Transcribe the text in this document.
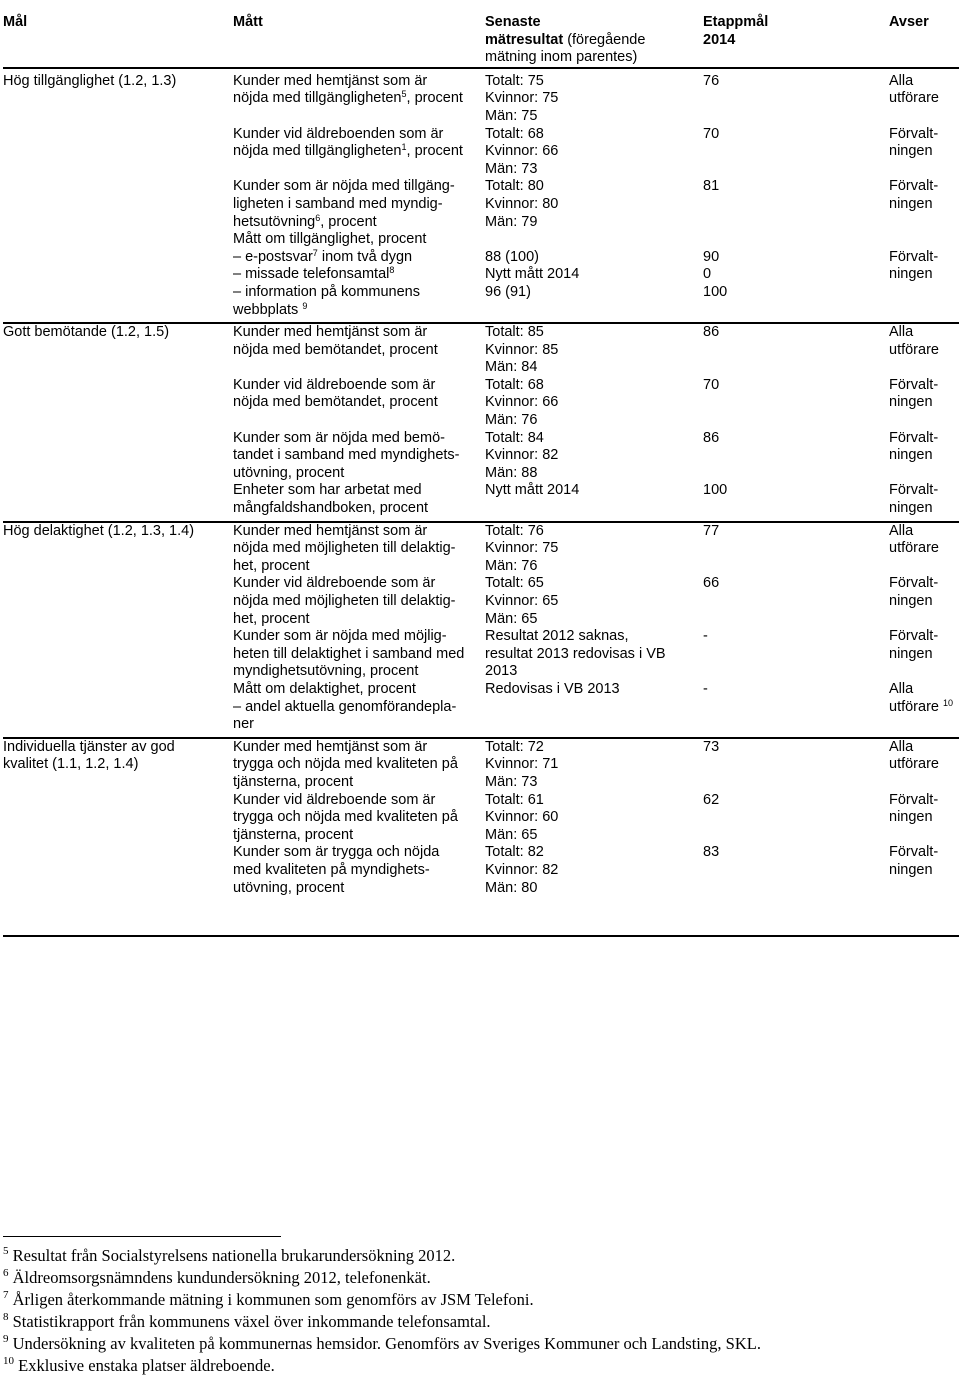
Mål	Mått	Senaste
mätresultat (föregående
mätning inom parentes)	Etappmål
2014	Avser

Hög tillgänglighet (1.2, 1.3)	Kunder med hemtjänst som är
nöjda med tillgängligheten$^5$, procent	Totalt: 75
Kvinnor: 75
Män: 75	76	Alla
utförare

	Kunder vid äldreboenden som är
nöjda med tillgängligheten$^1$, procent	Totalt: 68
Kvinnor: 66
Män: 73	70	Förvalt-
ningen

	Kunder som är nöjda med tillgäng-
ligheten i samband med myndig-
hetsutövning$^6$, procent	Totalt: 80
Kvinnor: 80
Män: 79	81	Förvalt-
ningen

	Mått om tillgänglighet, procent
– e-postsvar$^7$ inom två dygn
– missade telefonsamtal$^8$
– information på kommunens
webbplats $^9$	88 (100)
Nytt mått 2014
96 (91)	90
0
100	Förvalt-
ningen

Gott bemötande (1.2, 1.5)	Kunder med hemtjänst som är
nöjda med bemötandet, procent	Totalt: 85
Kvinnor: 85
Män: 84	86	Alla
utförare

	Kunder vid äldreboende som är
nöjda med bemötandet, procent	Totalt: 68
Kvinnor: 66
Män: 76	70	Förvalt-
ningen

	Kunder som är nöjda med bemö-
tandet i samband med myndighets-
utövning, procent	Totalt: 84
Kvinnor: 82
Män: 88	86	Förvalt-
ningen

	Enheter som har arbetat med
mångfaldshandboken, procent	Nytt mått 2014	100	Förvalt-
ningen

Hög delaktighet (1.2, 1.3, 1.4)	Kunder med hemtjänst som är
nöjda med möjligheten till delaktig-
het, procent	Totalt: 76
Kvinnor: 75
Män: 76	77	Alla
utförare

	Kunder vid äldreboende som är
nöjda med möjligheten till delaktig-
het, procent	Totalt: 65
Kvinnor: 65
Män: 65	66	Förvalt-
ningen

	Kunder som är nöjda med möjlig-
heten till delaktighet i samband med
myndighetsutövning, procent	Resultat 2012 saknas,
resultat 2013 redovisas i VB
2013	-	Förvalt-
ningen

	Mått om delaktighet, procent
– andel aktuella genomförandepla-
ner	Redovisas i VB 2013	-	Alla
utförare $^{10}$

Individuella tjänster av god
kvalitet (1.1, 1.2, 1.4)	Kunder med hemtjänst som är
trygga och nöjda med kvaliteten på
tjänsterna, procent	Totalt: 72
Kvinnor: 71
Män: 73	73	Alla
utförare

	Kunder vid äldreboende som är
trygga och nöjda med kvaliteten på
tjänsterna, procent	Totalt: 61
Kvinnor: 60
Män: 65	62	Förvalt-
ningen

	Kunder som är trygga och nöjda
med kvaliteten på myndighets-
utövning, procent	Totalt: 82
Kvinnor: 82
Män: 80	83	Förvalt-
ningen
$^5$ Resultat från Socialstyrelsens nationella brukarundersökning 2012.
$^6$ Äldreomsorgsnämndens kundundersökning 2012, telefonenkät.
$^7$ Årligen återkommande mätning i kommunen som genomförs av JSM Telefoni.
$^8$ Statistikrapport från kommunens växel över inkommande telefonsamtal.
$^9$ Undersökning av kvaliteten på kommunernas hemsidor. Genomförs av Sveriges Kommuner och Landsting, SKL.
$^{10}$ Exklusive enstaka platser äldreboende.
